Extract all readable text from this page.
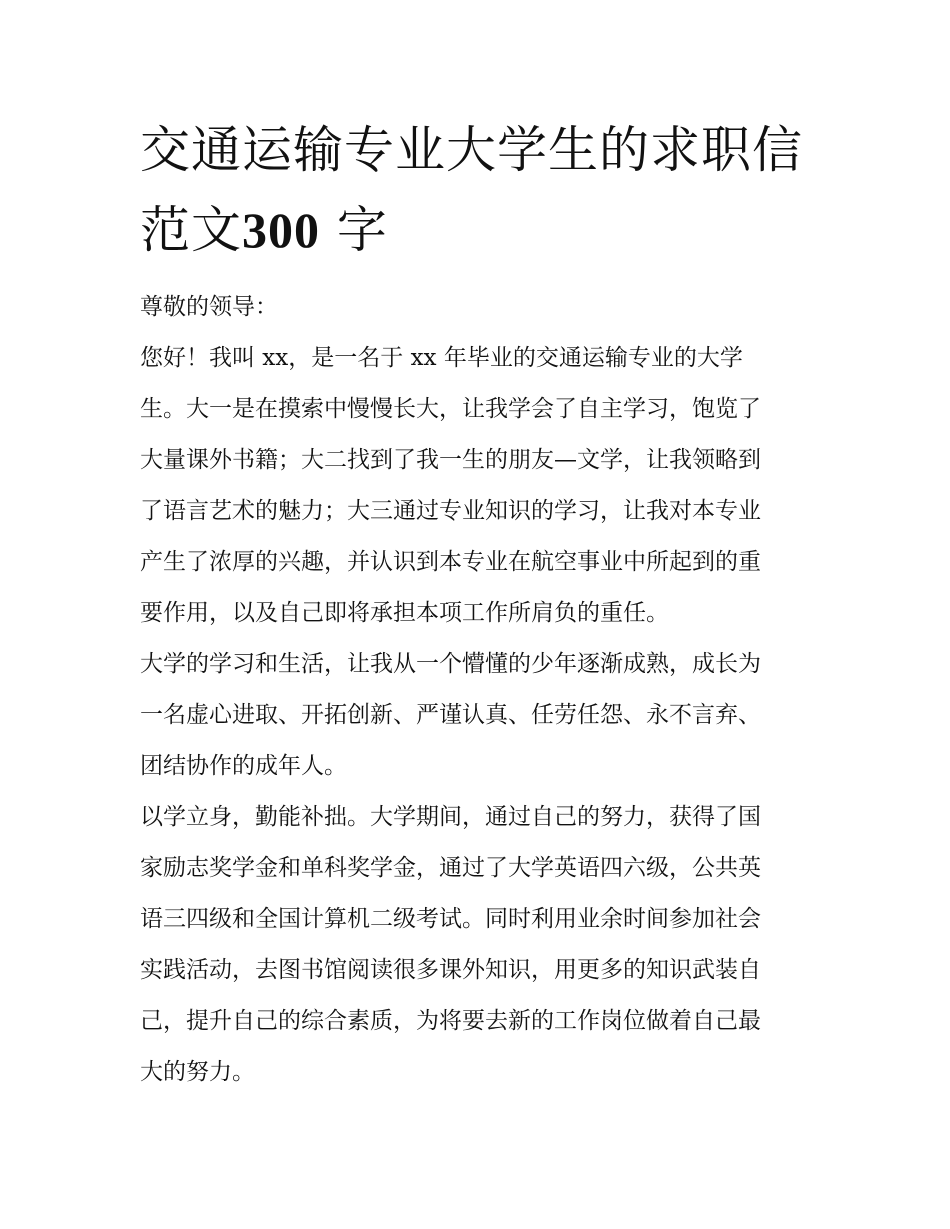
交通运输专业大学生的求职信
范文300 字

尊敬的领导：

您好！我叫 xx，是一名于 xx 年毕业的交通运输专业的大学

生。大一是在摸索中慢慢长大，让我学会了自主学习，饱览了

大量课外书籍；大二找到了我一生的朋友—文学，让我领略到

了语言艺术的魅力；大三通过专业知识的学习，让我对本专业

产生了浓厚的兴趣，并认识到本专业在航空事业中所起到的重

要作用，以及自己即将承担本项工作所肩负的重任。

大学的学习和生活，让我从一个懵懂的少年逐渐成熟，成长为

一名虚心进取、开拓创新、严谨认真、任劳任怨、永不言弃、

团结协作的成年人。

以学立身，勤能补拙。大学期间，通过自己的努力，获得了国

家励志奖学金和单科奖学金，通过了大学英语四六级，公共英

语三四级和全国计算机二级考试。同时利用业余时间参加社会

实践活动，去图书馆阅读很多课外知识，用更多的知识武装自

己，提升自己的综合素质，为将要去新的工作岗位做着自己最

大的努力。
